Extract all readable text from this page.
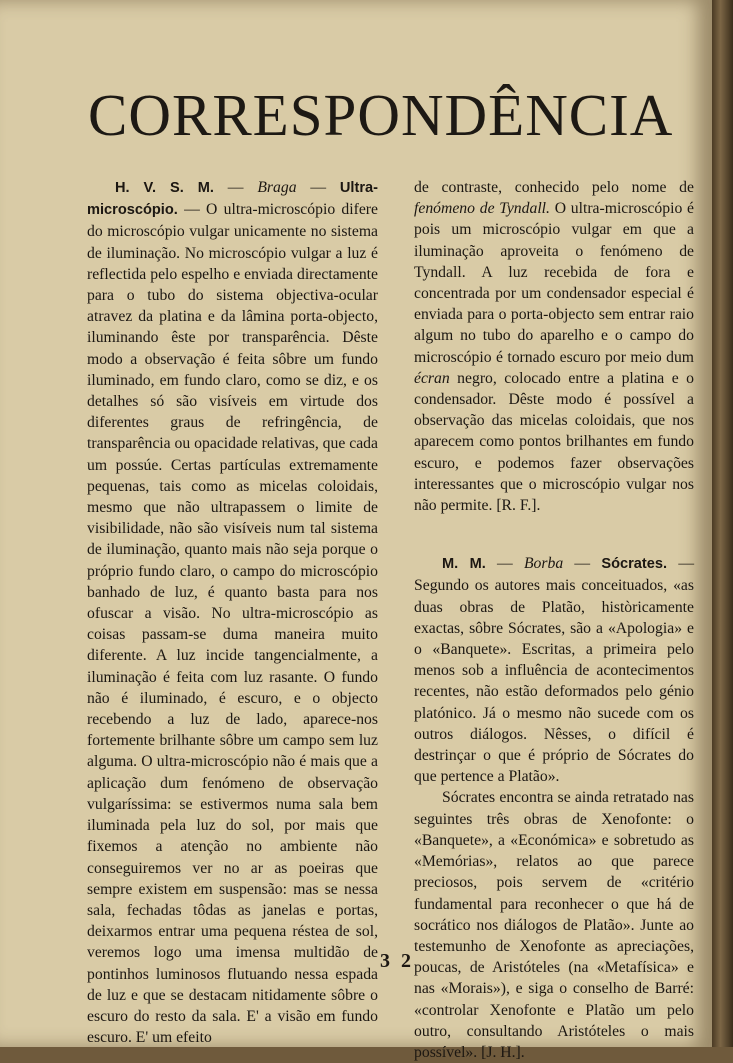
CORRESPONDÊNCIA

H. V. S. M. — Braga — Ultra-microscópio. — O ultra-microscópio difere do microscópio vulgar unicamente no sistema de iluminação. No microscópio vulgar a luz é reflectida pelo espelho e enviada directamente para o tubo do sistema objectiva-ocular atravez da platina e da lâmina porta-objecto, iluminando êste por transparência. Dêste modo a observação é feita sôbre um fundo iluminado, em fundo claro, como se diz, e os detalhes só são visíveis em virtude dos diferentes graus de refringência, de transparência ou opacidade relativas, que cada um possúe. Certas partículas extremamente pequenas, tais como as micelas coloidais, mesmo que não ultrapassem o limite de visibilidade, não são visíveis num tal sistema de iluminação, quanto mais não seja porque o próprio fundo claro, o campo do microscópio banhado de luz, é quanto basta para nos ofuscar a visão. No ultra-microscópio as coisas passam-se duma maneira muito diferente. A luz incide tangencialmente, a iluminação é feita com luz rasante. O fundo não é iluminado, é escuro, e o objecto recebendo a luz de lado, aparece-nos fortemente brilhante sôbre um campo sem luz alguma. O ultra-microscópio não é mais que a aplicação dum fenómeno de observação vulgaríssima: se estivermos numa sala bem iluminada pela luz do sol, por mais que fixemos a atenção no ambiente não conseguiremos ver no ar as poeiras que sempre existem em suspensão: mas se nessa sala, fechadas tôdas as janelas e portas, deixarmos entrar uma pequena réstea de sol, veremos logo uma imensa multidão de pontinhos luminosos flutuando nessa espada de luz e que se destacam nitidamente sôbre o escuro do resto da sala. E' a visão em fundo escuro. E' um efeito

de contraste, conhecido pelo nome de fenómeno de Tyndall. O ultra-microscópio é pois um microscópio vulgar em que a iluminação aproveita o fenómeno de Tyndall. A luz recebida de fora e concentrada por um condensador especial é enviada para o porta-objecto sem entrar raio algum no tubo do aparelho e o campo do microscópio é tornado escuro por meio dum écran negro, colocado entre a platina e o condensador. Dêste modo é possível a observação das micelas coloidais, que nos aparecem como pontos brilhantes em fundo escuro, e podemos fazer observações interessantes que o microscópio vulgar nos não permite. [R. F.].

M. M. — Borba — Sócrates. — Segundo os autores mais conceituados, «as duas obras de Platão, històricamente exactas, sôbre Sócrates, são a «Apologia» e o «Banquete». Escritas, a primeira pelo menos sob a influência de acontecimentos recentes, não estão deformados pelo génio platónico. Já o mesmo não sucede com os outros diálogos. Nêsses, o difícil é destrinçar o que é próprio de Sócrates do que pertence a Platão».

Sócrates encontra se ainda retratado nas seguintes três obras de Xenofonte: o «Banquete», a «Económica» e sobretudo as «Memórias», relatos ao que parece preciosos, pois servem de «critério fundamental para reconhecer o que há de socrático nos diálogos de Platão». Junte ao testemunho de Xenofonte as apreciações, poucas, de Aristóteles (na «Metafísica» e nas «Morais»), e siga o conselho de Barré: «controlar Xenofonte e Platão um pelo outro, consultando Aristóteles o mais possível». [J. H.].

3 2
